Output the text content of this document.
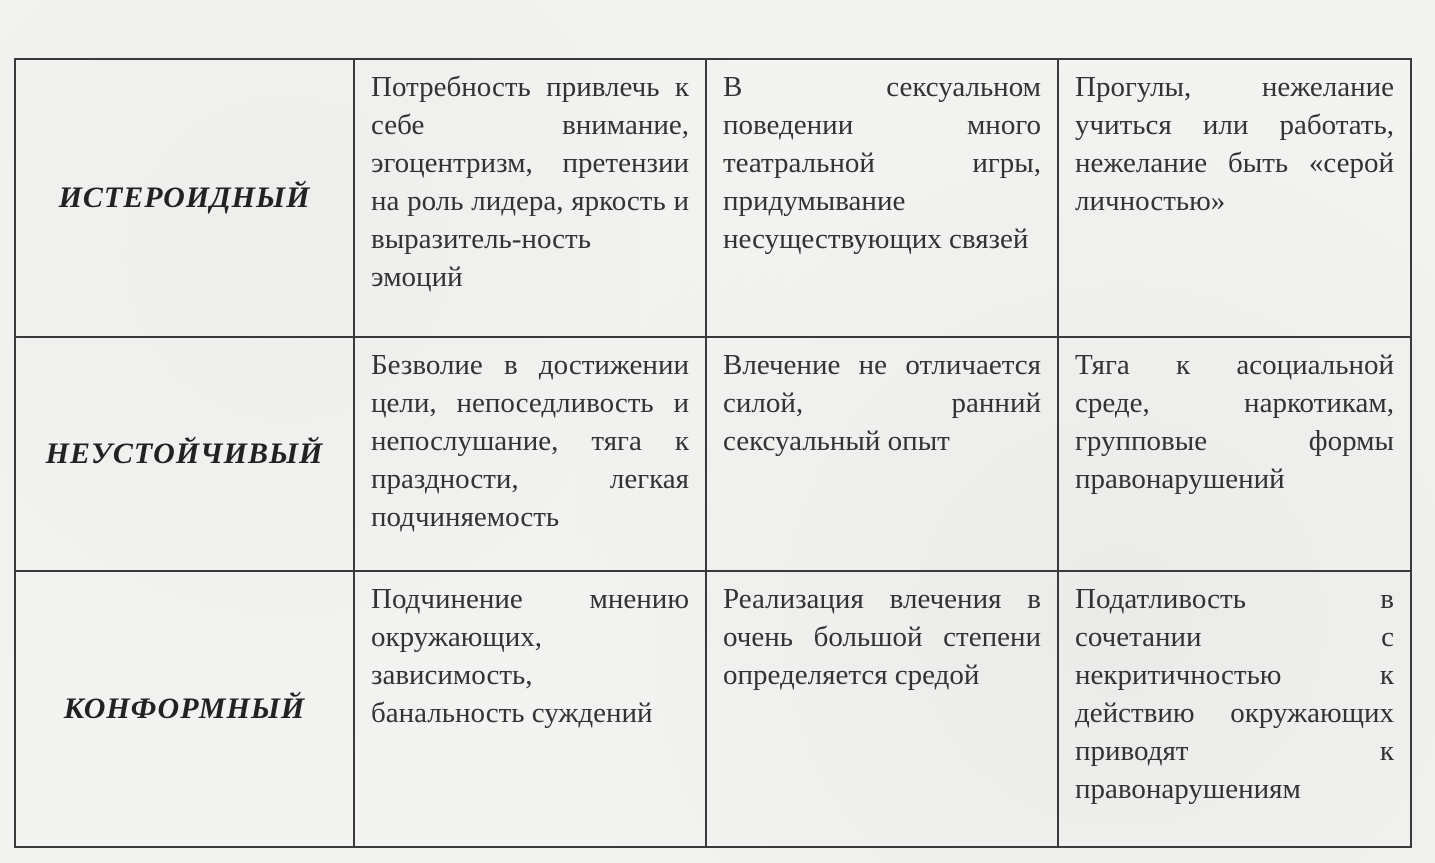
ИСТЕРОИДНЫЙ	Потребность привлечь к себе внимание, эгоцентризм, претензии на роль лидера, яркость и выразитель-ность эмоций	В сексуальном поведении много театральной игры, придумывание несуществующих связей	Прогулы, нежелание учиться или работать, нежелание быть «серой личностью»
НЕУСТОЙЧИВЫЙ	Безволие в достижении цели, непоседливость и непослушание, тяга к праздности, легкая подчиняемость	Влечение не отличается силой, ранний сексуальный опыт	Тяга к асоциальной среде, наркотикам, групповые формы правонарушений
КОНФОРМНЫЙ	Подчинение мнению окружающих, зависимость, банальность суждений	Реализация влечения в очень большой степени определяется средой	Податливость в сочетании с некритичностью к действию окружающих приводят к правонарушениям
